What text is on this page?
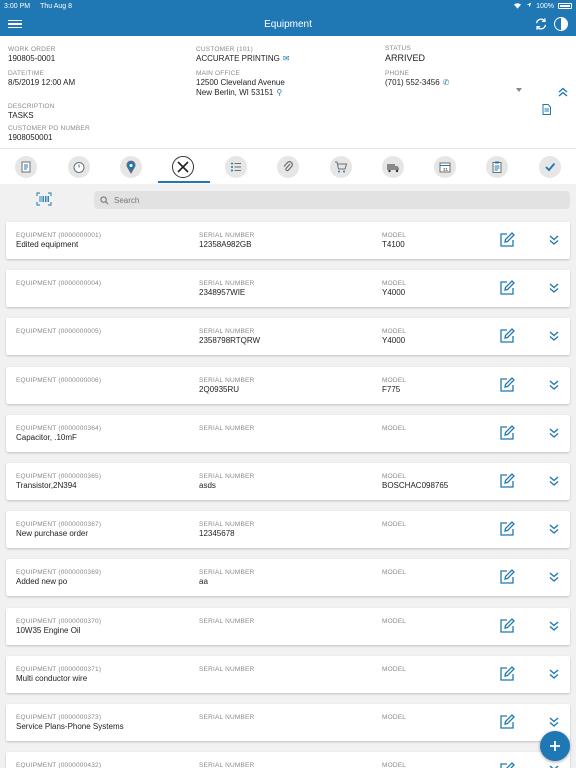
3:00 PM Thu Aug 8	100%
Equipment
WORK ORDER
190805-0001
CUSTOMER (101)
ACCURATE PRINTING ✉
STATUS
ARRIVED
DATE/TIME
8/5/2019 12:00 AM
MAIN OFFICE
12500 Cleveland Avenue
New Berlin, WI 53151 ⚲
PHONE
(701) 552-3456 ✆
DESCRIPTION
TASKS
CUSTOMER PO NUMBER
1908050001
31
Search
EQUIPMENT (0000000001)
Edited equipment
SERIAL NUMBER
12358A982GB
MODEL
T4100
EQUIPMENT (0000000004)	SERIAL NUMBER
2348957WIE
MODEL
Y4000
EQUIPMENT (0000000005)	SERIAL NUMBER
2358798RTQRW
MODEL
Y4000
EQUIPMENT (0000000006)	SERIAL NUMBER
2Q0935RU
MODEL
F775
EQUIPMENT (0000000364)
Capacitor, .10mF
SERIAL NUMBER	MODEL
EQUIPMENT (0000000365)
Transistor,2N394
SERIAL NUMBER
asds
MODEL
BOSCHAC098765
EQUIPMENT (0000000367)
New purchase order
SERIAL NUMBER
12345678
MODEL
EQUIPMENT (0000000369)
Added new po
SERIAL NUMBER
aa
MODEL
EQUIPMENT (0000000370)
10W35 Engine Oil
SERIAL NUMBER	MODEL
EQUIPMENT (0000000371)
Multi conductor wire
SERIAL NUMBER	MODEL
EQUIPMENT (0000000373)
Service Plans-Phone Systems
SERIAL NUMBER	MODEL
EQUIPMENT (0000000432)	SERIAL NUMBER	MODEL
